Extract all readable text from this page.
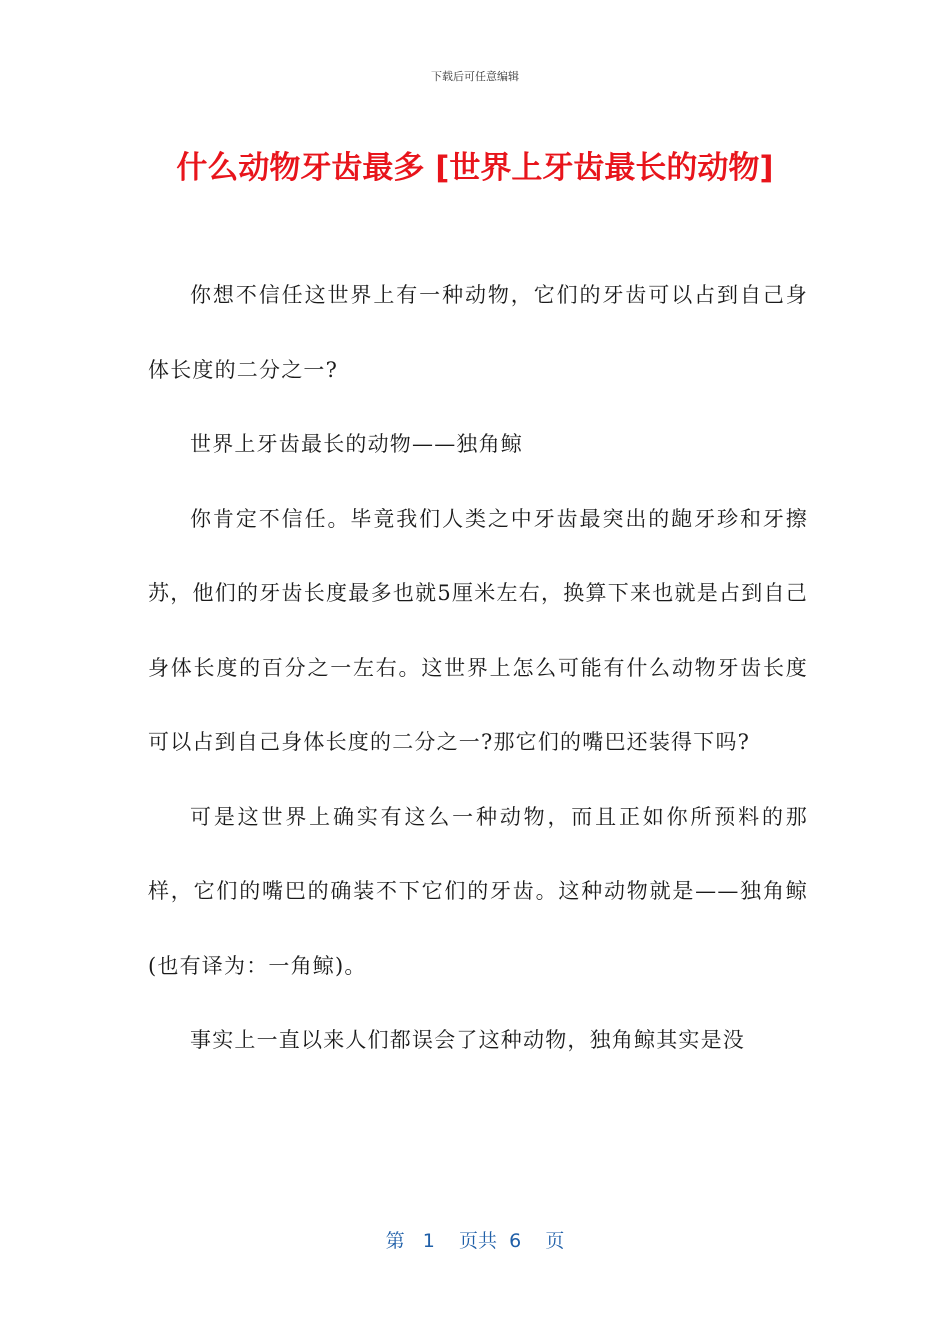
下载后可任意编辑
什么动物牙齿最多 [世界上牙齿最长的动物]

你想不信任这世界上有一种动物，它们的牙齿可以占到自己身体长度的二分之一?

世界上牙齿最长的动物——独角鲸

你肯定不信任。毕竟我们人类之中牙齿最突出的龅牙珍和牙擦苏，他们的牙齿长度最多也就5厘米左右，换算下来也就是占到自己身体长度的百分之一左右。这世界上怎么可能有什么动物牙齿长度可以占到自己身体长度的二分之一?那它们的嘴巴还装得下吗?

可是这世界上确实有这么一种动物，而且正如你所预料的那样，它们的嘴巴的确装不下它们的牙齿。这种动物就是——独角鲸(也有译为：一角鲸)。

事实上一直以来人们都误会了这种动物，独角鲸其实是没

第 1 页共 6 页
